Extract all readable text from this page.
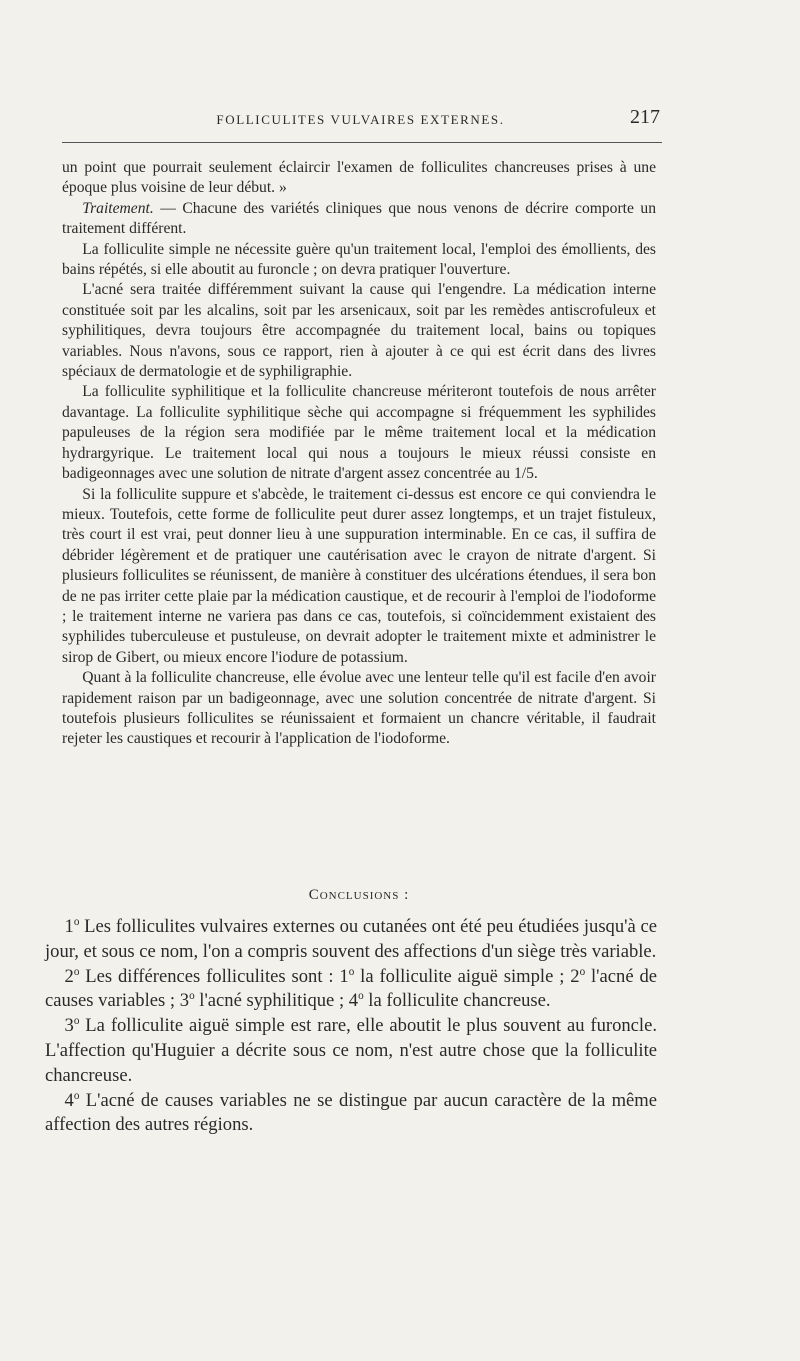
FOLLICULITES VULVAIRES EXTERNES.	217

un point que pourrait seulement éclaircir l'examen de folliculites chancreuses prises à une époque plus voisine de leur début. »

Traitement. — Chacune des variétés cliniques que nous venons de décrire comporte un traitement différent.

La folliculite simple ne nécessite guère qu'un traitement local, l'emploi des émollients, des bains répétés, si elle aboutit au furoncle ; on devra pratiquer l'ouverture.

L'acné sera traitée différemment suivant la cause qui l'engendre. La médication interne constituée soit par les alcalins, soit par les arsenicaux, soit par les remèdes antiscrofuleux et syphilitiques, devra toujours être accompagnée du traitement local, bains ou topiques variables. Nous n'avons, sous ce rapport, rien à ajouter à ce qui est écrit dans des livres spéciaux de dermatologie et de syphiligraphie.

La folliculite syphilitique et la folliculite chancreuse mériteront toutefois de nous arrêter davantage. La folliculite syphilitique sèche qui accompagne si fréquemment les syphilides papuleuses de la région sera modifiée par le même traitement local et la médication hydrargyrique. Le traitement local qui nous a toujours le mieux réussi consiste en badigeonnages avec une solution de nitrate d'argent assez concentrée au 1/5.

Si la folliculite suppure et s'abcède, le traitement ci-dessus est encore ce qui conviendra le mieux. Toutefois, cette forme de folliculite peut durer assez longtemps, et un trajet fistuleux, très court il est vrai, peut donner lieu à une suppuration interminable. En ce cas, il suffira de débrider légèrement et de pratiquer une cautérisation avec le crayon de nitrate d'argent. Si plusieurs folliculites se réunissent, de manière à constituer des ulcérations étendues, il sera bon de ne pas irriter cette plaie par la médication caustique, et de recourir à l'emploi de l'iodoforme ; le traitement interne ne variera pas dans ce cas, toutefois, si coïncidemment existaient des syphilides tuberculeuse et pustuleuse, on devrait adopter le traitement mixte et administrer le sirop de Gibert, ou mieux encore l'iodure de potassium.

Quant à la folliculite chancreuse, elle évolue avec une lenteur telle qu'il est facile d'en avoir rapidement raison par un badigeonnage, avec une solution concentrée de nitrate d'argent. Si toutefois plusieurs folliculites se réunissaient et formaient un chancre véritable, il faudrait rejeter les caustiques et recourir à l'application de l'iodoforme.

Conclusions :

1$^o$ Les folliculites vulvaires externes ou cutanées ont été peu étudiées jusqu'à ce jour, et sous ce nom, l'on a compris souvent des affections d'un siège très variable.

2$^o$ Les différences folliculites sont : 1$^o$ la folliculite aiguë simple ; 2$^o$ l'acné de causes variables ; 3$^o$ l'acné syphilitique ; 4$^o$ la folliculite chancreuse.

3$^o$ La folliculite aiguë simple est rare, elle aboutit le plus souvent au furoncle. L'affection qu'Huguier a décrite sous ce nom, n'est autre chose que la folliculite chancreuse.

4$^o$ L'acné de causes variables ne se distingue par aucun caractère de la même affection des autres régions.
